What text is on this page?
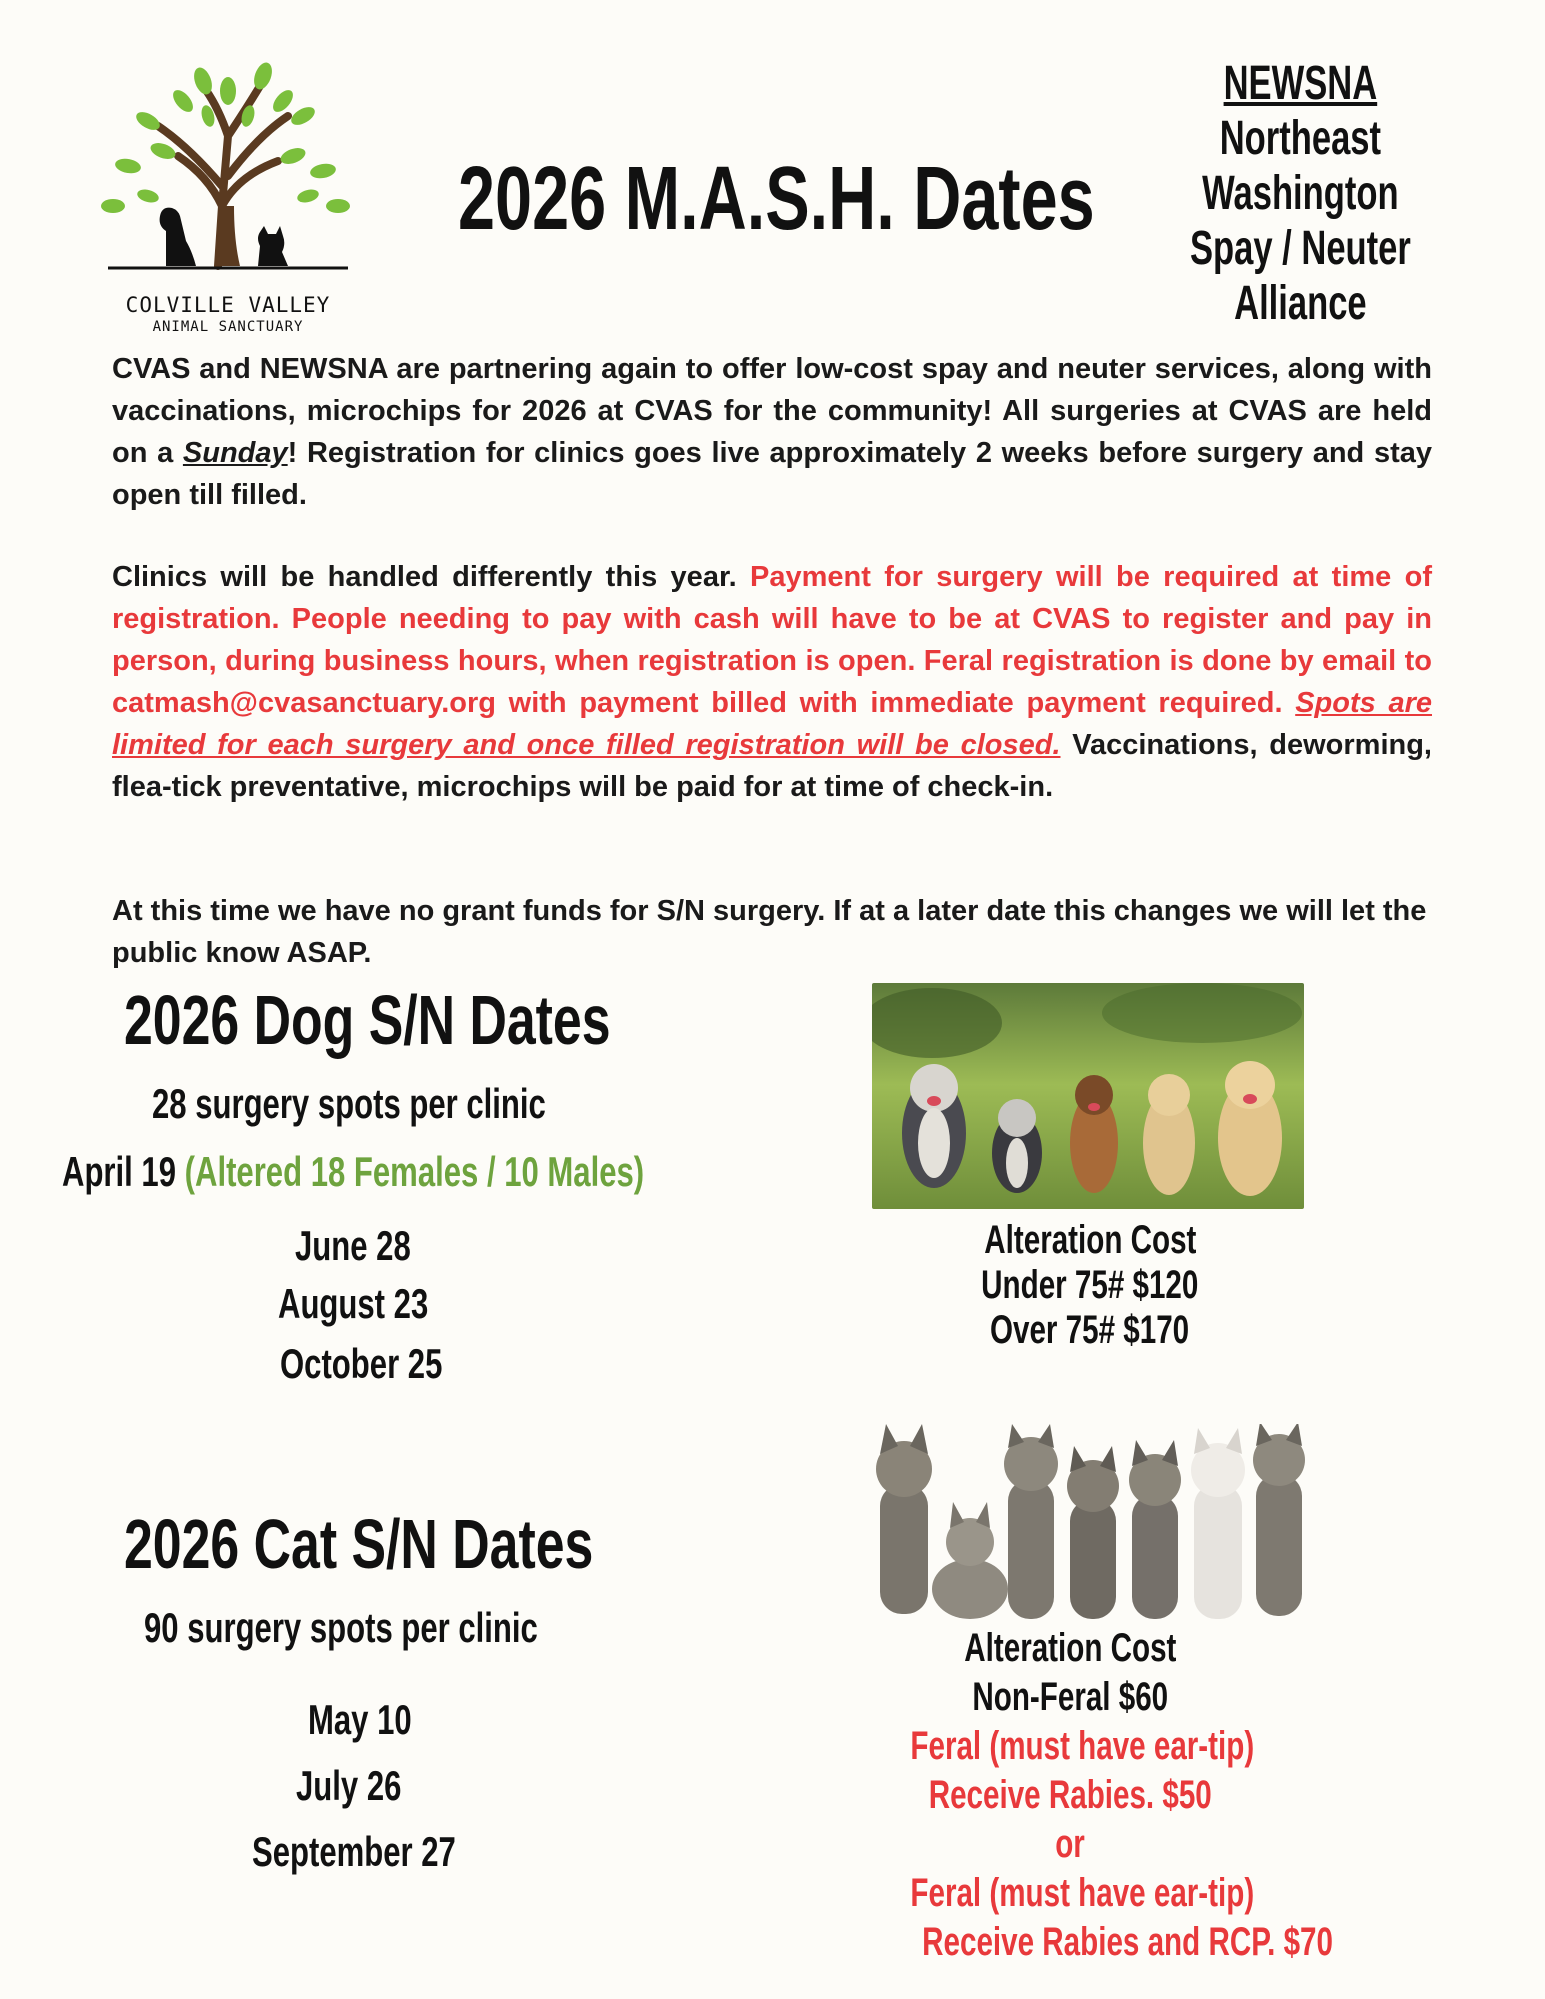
COLVILLE VALLEY
ANIMAL SANCTUARY
2026 M.A.S.H. Dates
NEWSNA
Northeast
Washington
Spay / Neuter
Alliance
CVAS and NEWSNA are partnering again to offer low-cost spay and neuter services, along with vaccinations, microchips for 2026 at CVAS for the community! All surgeries at CVAS are held on a Sunday! Registration for clinics goes live approximately 2 weeks before surgery and stay open till filled.
Clinics will be handled differently this year. Payment for surgery will be required at time of registration. People needing to pay with cash will have to be at CVAS to register and pay in person, during business hours, when registration is open. Feral registration is done by email to catmash@cvasanctuary.org with payment billed with immediate payment required. Spots are limited for each surgery and once filled registration will be closed. Vaccinations, deworming, flea-tick preventative, microchips will be paid for at time of check-in.
At this time we have no grant funds for S/N surgery. If at a later date this changes we will let the public know ASAP.
2026 Dog S/N Dates
28 surgery spots per clinic
April 19 (Altered 18 Females / 10 Males)
June 28
August 23
October 25
Alteration Cost
Under 75# $120
Over 75# $170
2026 Cat S/N Dates
90 surgery spots per clinic
May 10
July 26
September 27
Alteration Cost
Non-Feral $60
Feral (must have ear-tip)
Receive Rabies. $50
or
Feral (must have ear-tip)
Receive Rabies and RCP. $70
